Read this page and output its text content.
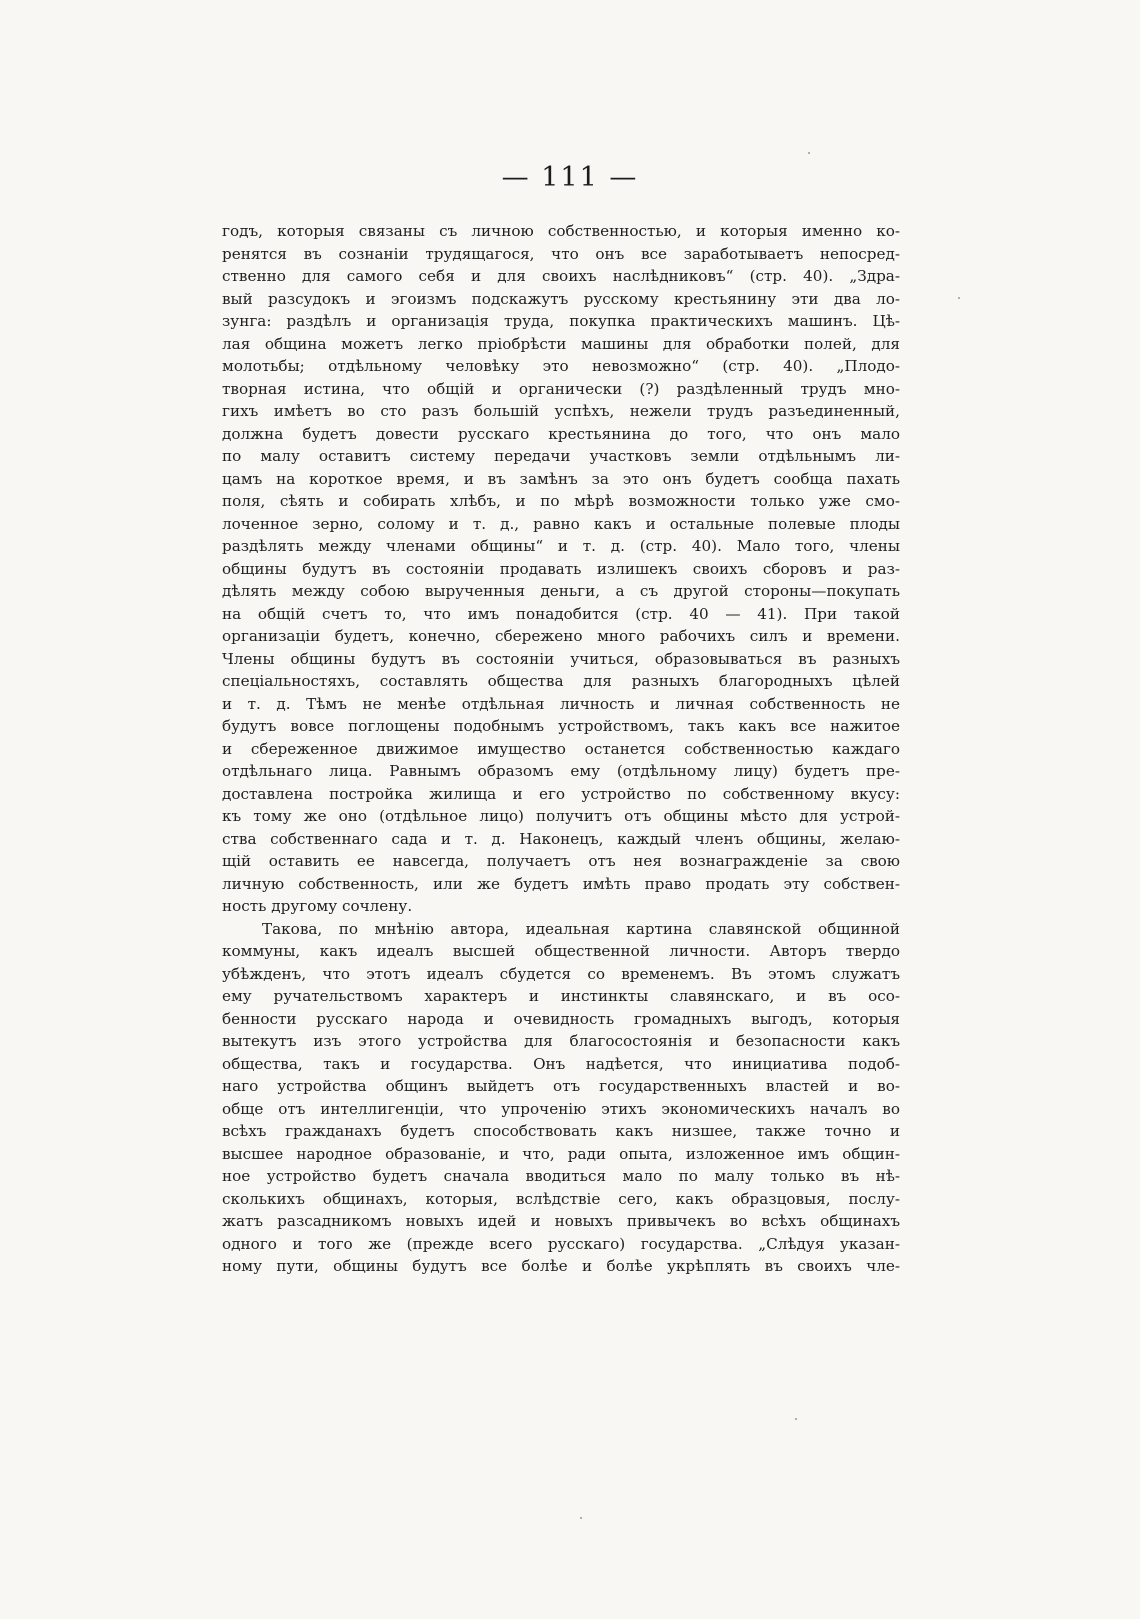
— 111 —
годъ, которыя связаны съ личною собственностью, и которыя именно ко-
ренятся въ сознаніи трудящагося, что онъ все заработываетъ непосред-
ственно для самого себя и для своихъ наслѣдниковъ“ (стр. 40). „Здра-
вый разсудокъ и эгоизмъ подскажутъ русскому крестьянину эти два ло-
зунга: раздѣлъ и организація труда, покупка практическихъ машинъ. Цѣ-
лая община можетъ легко пріобрѣсти машины для обработки полей, для
молотьбы; отдѣльному человѣку это невозможно“ (стр. 40). „Плодо-
творная истина, что общій и органически (?) раздѣленный трудъ мно-
гихъ имѣетъ во сто разъ большій успѣхъ, нежели трудъ разъединенный,
должна будетъ довести русскаго крестьянина до того, что онъ мало
по малу оставитъ систему передачи участковъ земли отдѣльнымъ ли-
цамъ на короткое время, и въ замѣнъ за это онъ будетъ сообща пахать
поля, сѣять и собирать хлѣбъ, и по мѣрѣ возможности только уже смо-
лоченное зерно, солому и т. д., равно какъ и остальные полевые плоды
раздѣлять между членами общины“ и т. д. (стр. 40). Мало того, члены
общины будутъ въ состояніи продавать излишекъ своихъ сборовъ и раз-
дѣлять между собою вырученныя деньги, а съ другой стороны—покупать
на общій счетъ то, что имъ понадобится (стр. 40 — 41). При такой
организаціи будетъ, конечно, сбережено много рабочихъ силъ и времени.
Члены общины будутъ въ состояніи учиться, образовываться въ разныхъ
спеціальностяхъ, составлять общества для разныхъ благородныхъ цѣлей
и т. д. Тѣмъ не менѣе отдѣльная личность и личная собственность не
будутъ вовсе поглощены подобнымъ устройствомъ, такъ какъ все нажитое
и сбереженное движимое имущество останется собственностью каждаго
отдѣльнаго лица. Равнымъ образомъ ему (отдѣльному лицу) будетъ пре-
доставлена постройка жилища и его устройство по собственному вкусу:
къ тому же оно (отдѣльное лицо) получитъ отъ общины мѣсто для устрой-
ства собственнаго сада и т. д. Наконецъ, каждый членъ общины, желаю-
щій оставить ее навсегда, получаетъ отъ нея вознагражденіе за свою
личную собственность, или же будетъ имѣть право продать эту собствен-
ность другому сочлену.
Такова, по мнѣнію автора, идеальная картина славянской общинной
коммуны, какъ идеалъ высшей общественной личности. Авторъ твердо
убѣжденъ, что этотъ идеалъ сбудется со временемъ. Въ этомъ служатъ
ему ручательствомъ характеръ и инстинкты славянскаго, и въ осо-
бенности русскаго народа и очевидность громадныхъ выгодъ, которыя
вытекутъ изъ этого устройства для благосостоянія и безопасности какъ
общества, такъ и государства. Онъ надѣется, что инициатива подоб-
наго устройства общинъ выйдетъ отъ государственныхъ властей и во-
обще отъ интеллигенціи, что упроченію этихъ экономическихъ началъ во
всѣхъ гражданахъ будетъ способствовать какъ низшее, также точно и
высшее народное образованіе, и что, ради опыта, изложенное имъ общин-
ное устройство будетъ сначала вводиться мало по малу только въ нѣ-
сколькихъ общинахъ, которыя, вслѣдствіе сего, какъ образцовыя, послу-
жатъ разсадникомъ новыхъ идей и новыхъ привычекъ во всѣхъ общинахъ
одного и того же (прежде всего русскаго) государства. „Слѣдуя указан-
ному пути, общины будутъ все болѣе и болѣе укрѣплять въ своихъ чле-
